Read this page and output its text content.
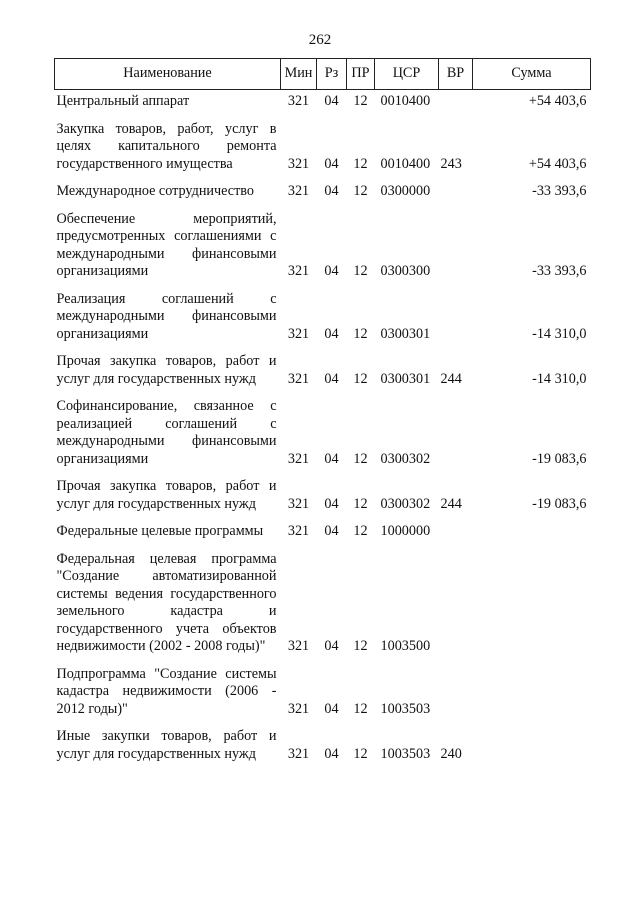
262
Наименование	Мин	Рз	ПР	ЦСР	ВР	Сумма
Центральный аппарат	321	04	12	0010400		+54 403,6
Закупка товаров, работ, услуг в целях капитального ремонта государственного имущества	321	04	12	0010400	243	+54 403,6
Международное сотрудничество	321	04	12	0300000		-33 393,6
Обеспечение мероприятий, предусмотренных соглашениями с международными финансовыми организациями	321	04	12	0300300		-33 393,6
Реализация соглашений с международными финансовыми организациями	321	04	12	0300301		-14 310,0
Прочая закупка товаров, работ и услуг для государственных нужд	321	04	12	0300301	244	-14 310,0
Софинансирование, связанное с реализацией соглашений с международными финансовыми организациями	321	04	12	0300302		-19 083,6
Прочая закупка товаров, работ и услуг для государственных нужд	321	04	12	0300302	244	-19 083,6
Федеральные целевые программы	321	04	12	1000000		
Федеральная целевая программа "Создание автоматизированной системы ведения государственного земельного кадастра и государственного учета объектов недвижимости (2002 - 2008 годы)"	321	04	12	1003500		
Подпрограмма "Создание системы кадастра недвижимости (2006 - 2012 годы)"	321	04	12	1003503		
Иные закупки товаров, работ и услуг для государственных нужд	321	04	12	1003503	240	
